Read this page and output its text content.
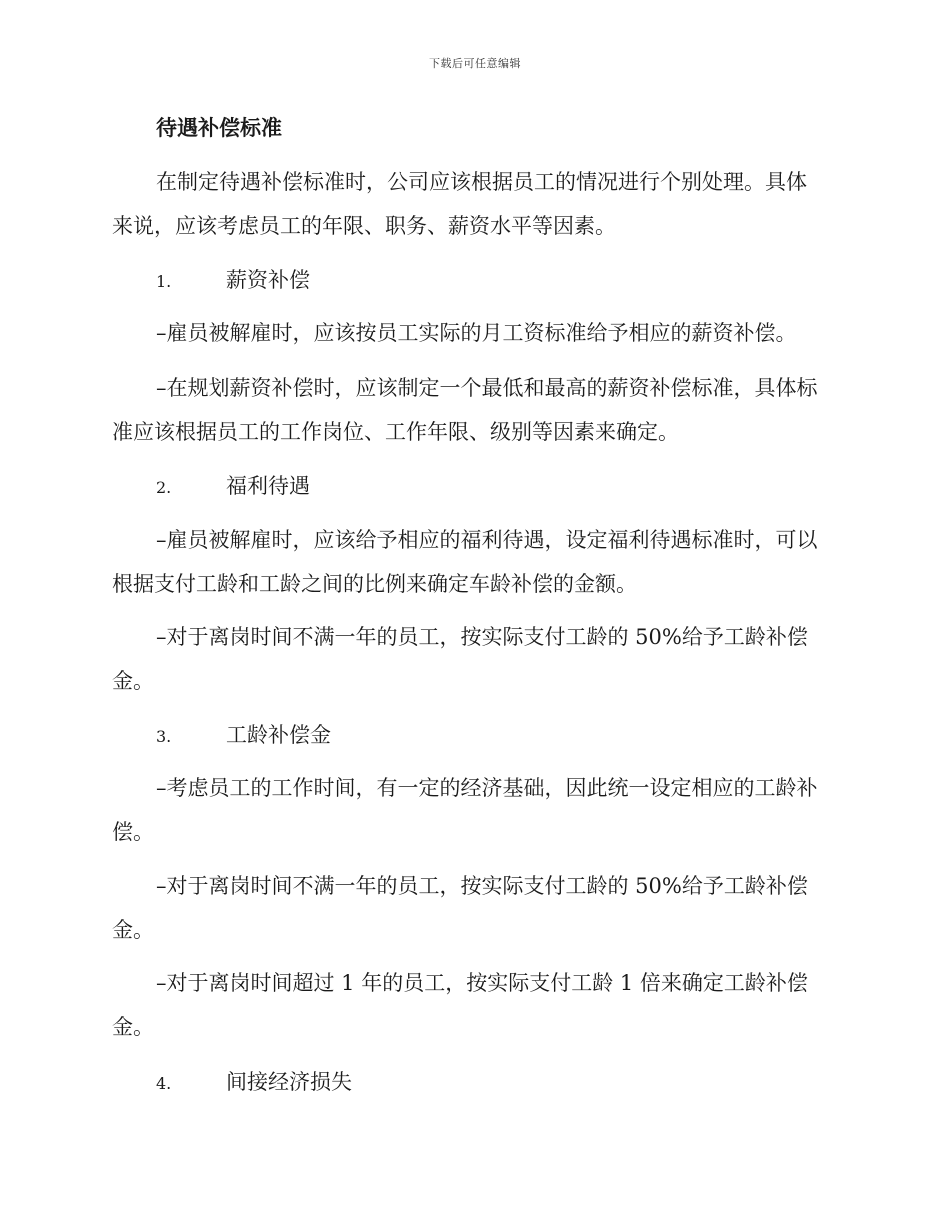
下载后可任意编辑
待遇补偿标准
在制定待遇补偿标准时，公司应该根据员工的情况进行个别处理。具体来说，应该考虑员工的年限、职务、薪资水平等因素。
1.	薪资补偿
–雇员被解雇时，应该按员工实际的月工资标准给予相应的薪资补偿。
–在规划薪资补偿时，应该制定一个最低和最高的薪资补偿标准，具体标准应该根据员工的工作岗位、工作年限、级别等因素来确定。
2.	福利待遇
–雇员被解雇时，应该给予相应的福利待遇，设定福利待遇标准时，可以根据支付工龄和工龄之间的比例来确定车龄补偿的金额。
–对于离岗时间不满一年的员工，按实际支付工龄的 50%给予工龄补偿金。
3.	工龄补偿金
–考虑员工的工作时间，有一定的经济基础，因此统一设定相应的工龄补偿。
–对于离岗时间不满一年的员工，按实际支付工龄的 50%给予工龄补偿金。
–对于离岗时间超过 1 年的员工，按实际支付工龄 1 倍来确定工龄补偿金。
4.	间接经济损失
